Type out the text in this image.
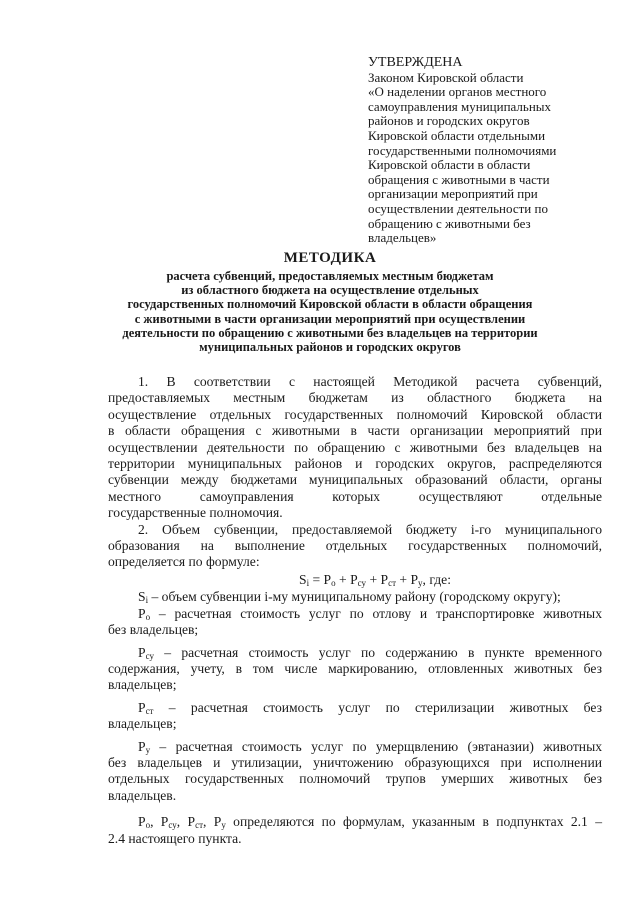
УТВЕРЖДЕНА
Законом Кировской области
«О наделении органов местного
самоуправления муниципальных
районов и городских округов
Кировской области отдельными
государственными полномочиями
Кировской области в области
обращения с животными в части
организации мероприятий при
осуществлении деятельности по
обращению с животными без
владельцев»
МЕТОДИКА
расчета субвенций, предоставляемых местным бюджетам
из областного бюджета на осуществление отдельных
государственных полномочий Кировской области в области обращения
с животными в части организации мероприятий при осуществлении
деятельности по обращению с животными без владельцев на территории
муниципальных районов и городских округов
1. В соответствии с настоящей Методикой расчета субвенций,
предоставляемых местным бюджетам из областного бюджета на
осуществление отдельных государственных полномочий Кировской области
в области обращения с животными в части организации мероприятий при
осуществлении деятельности по обращению с животными без владельцев на
территории муниципальных районов и городских округов, распределяются
субвенции между бюджетами муниципальных образований области, органы
местного самоуправления которых осуществляют отдельные
государственные полномочия.
2. Объем субвенции, предоставляемой бюджету i-го муниципального
образования на выполнение отдельных государственных полномочий,
определяется по формуле:
$S_i = P_о + P_{су} + P_{ст} + P_у$, где:
$S_i$ – объем субвенции i-му муниципальному району (городскому округу);
$P_о$ – расчетная стоимость услуг по отлову и транспортировке животных
без владельцев;
$P_{су}$ – расчетная стоимость услуг по содержанию в пункте временного
содержания, учету, в том числе маркированию, отловленных животных без
владельцев;
$P_{ст}$ – расчетная стоимость услуг по стерилизации животных без
владельцев;
$P_у$ – расчетная стоимость услуг по умерщвлению (эвтаназии) животных
без владельцев и утилизации, уничтожению образующихся при исполнении
отдельных государственных полномочий трупов умерших животных без
владельцев.
$P_о$, $P_{су}$, $P_{ст}$, $P_у$ определяются по формулам, указанным в подпунктах 2.1 –
2.4 настоящего пункта.
